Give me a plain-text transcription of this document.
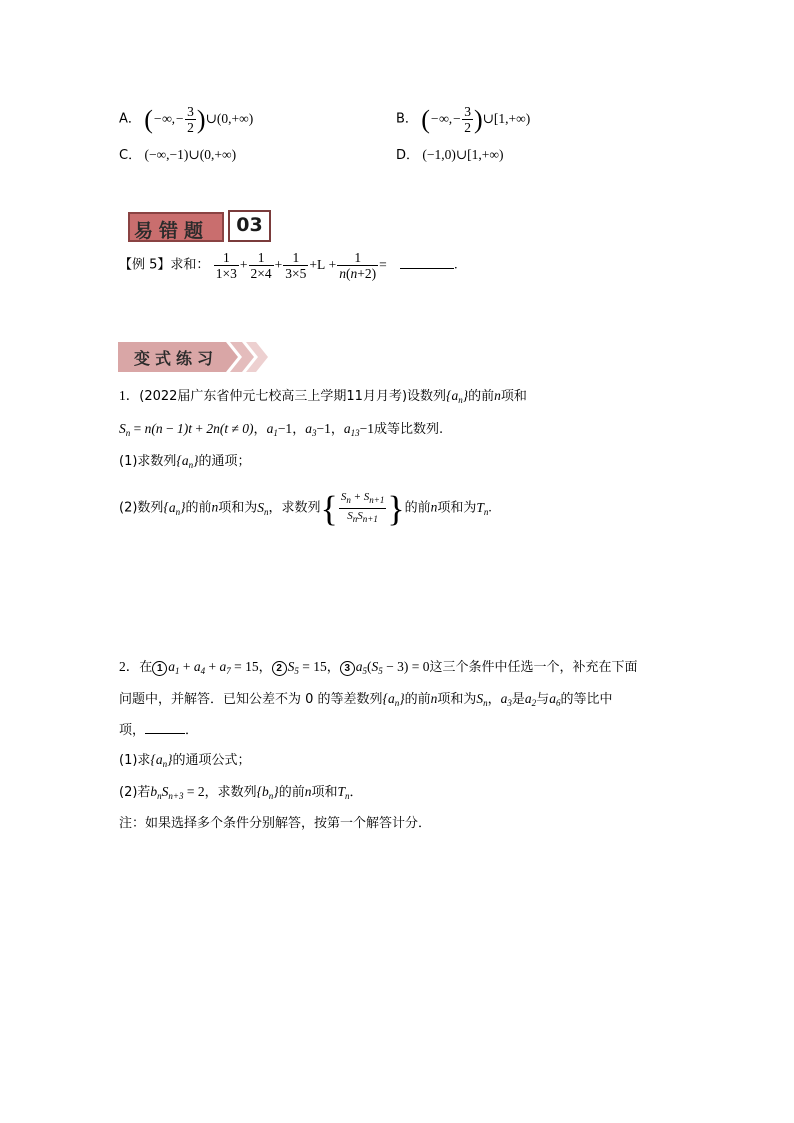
A． (−∞,− $\frac{3}{2}$ )∪(0,+∞)	B． (−∞,− $\frac{3}{2}$ )∪[1,+∞)
C． (−∞,−1)∪(0,+∞)	D． (−1,0)∪[1,+∞)
易错题	03
【例 5】求和： $\frac{1}{1\times 3} + \frac{1}{2\times 4} + \frac{1}{3\times 5} +L + \frac{1}{n(n+2)}$ =	.
变式练习
1．(2022届广东省仲元七校高三上学期11月月考)设数列$\{a_n\}$的前n项和
$S_n = n(n - 1)t + 2n(t \ne 0)$，$a_1-1$，$a_3-1$，$a_{13}-1$成等比数列.
(1)求数列$\{a_n\}$的通项；
(2)数列$\{a_n\}$的前n项和为$S_n$，求数列{ $\frac{S_n + S_{n+1}}{S_nS_{n+1}}$ }的前n项和为$T_n$.
2．在 1 $a_1 + a_4 + a_7 = 15$， 2 $S_5 = 15$， 3 $a_5(S_5 - 3) = 0$这三个条件中任选一个，补充在下面
问题中，并解答．已知公差不为 0 的等差数列$\{a_n\}$的前n项和为$S_n$，$a_3$是$a_2$与$a_6$的等比中
项，	．
(1)求$\{a_n\}$的通项公式；
(2)若$b_nS_{n+3} = 2$，求数列$\{b_n\}$的前n项和$T_n$．
注：如果选择多个条件分别解答，按第一个解答计分．
